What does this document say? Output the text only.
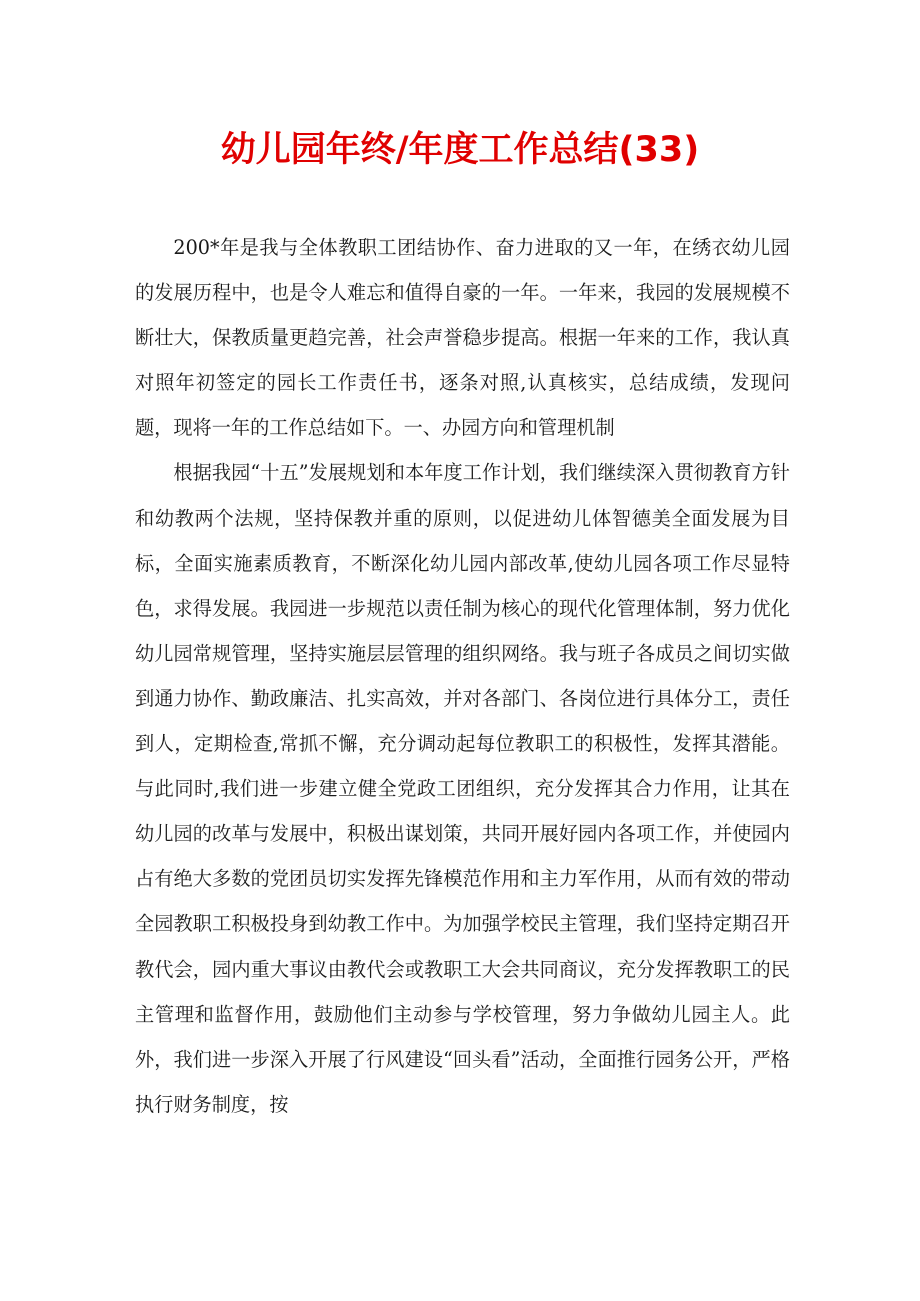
幼儿园年终/年度工作总结(33)

200*年是我与全体教职工团结协作、奋力进取的又一年，在绣衣幼儿园的发展历程中，也是令人难忘和值得自豪的一年。一年来，我园的发展规模不断壮大，保教质量更趋完善，社会声誉稳步提高。根据一年来的工作，我认真对照年初签定的园长工作责任书，逐条对照,认真核实，总结成绩，发现问题，现将一年的工作总结如下。一、办园方向和管理机制

根据我园“十五”发展规划和本年度工作计划，我们继续深入贯彻教育方针和幼教两个法规，坚持保教并重的原则，以促进幼儿体智德美全面发展为目标，全面实施素质教育，不断深化幼儿园内部改革,使幼儿园各项工作尽显特色，求得发展。我园进一步规范以责任制为核心的现代化管理体制，努力优化幼儿园常规管理，坚持实施层层管理的组织网络。我与班子各成员之间切实做到通力协作、勤政廉洁、扎实高效，并对各部门、各岗位进行具体分工，责任到人，定期检查,常抓不懈，充分调动起每位教职工的积极性，发挥其潜能。与此同时,我们进一步建立健全党政工团组织，充分发挥其合力作用，让其在幼儿园的改革与发展中，积极出谋划策，共同开展好园内各项工作，并使园内占有绝大多数的党团员切实发挥先锋模范作用和主力军作用，从而有效的带动全园教职工积极投身到幼教工作中。为加强学校民主管理，我们坚持定期召开教代会，园内重大事议由教代会或教职工大会共同商议，充分发挥教职工的民主管理和监督作用，鼓励他们主动参与学校管理，努力争做幼儿园主人。此外，我们进一步深入开展了行风建设“回头看”活动，全面推行园务公开，严格执行财务制度，按
